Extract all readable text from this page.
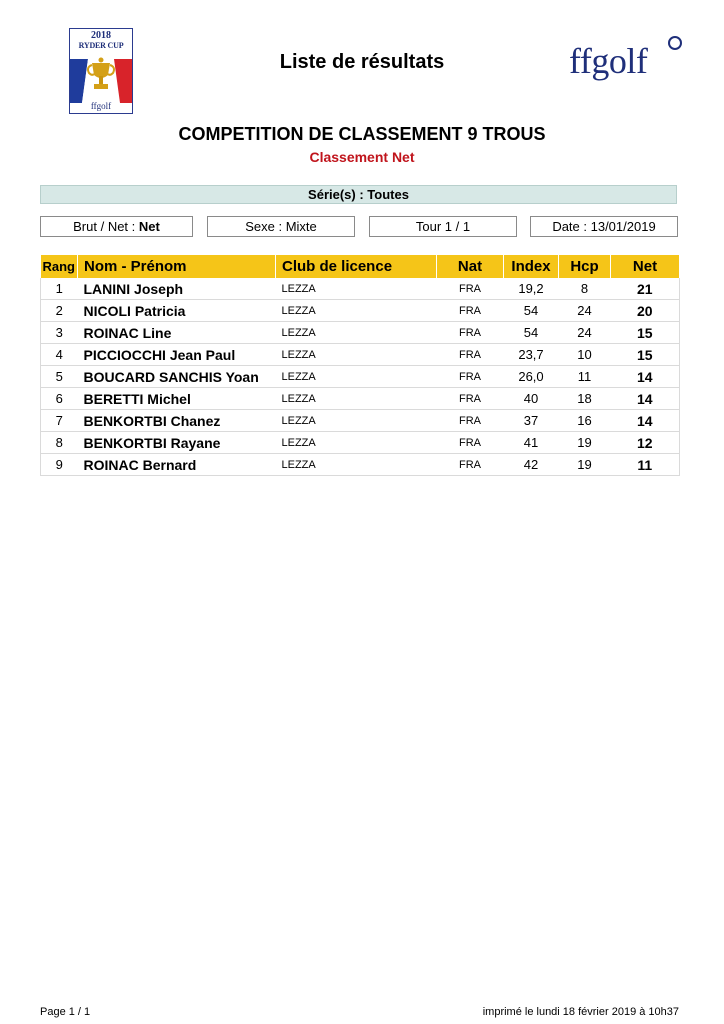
2018
RYDER CUP
ffgolf
Liste de résultats	ffgolf
COMPETITION DE CLASSEMENT 9 TROUS
Classement Net
Série(s) : Toutes
Brut / Net : Net	Sexe : Mixte	Tour 1 / 1	Date : 13/01/2019
Rang	Nom - Prénom	Club de licence	Nat	Index	Hcp	Net
1	LANINI Joseph	LEZZA	FRA	19,2	8	21
2	NICOLI Patricia	LEZZA	FRA	54	24	20
3	ROINAC Line	LEZZA	FRA	54	24	15
4	PICCIOCCHI Jean Paul	LEZZA	FRA	23,7	10	15
5	BOUCARD SANCHIS Yoan	LEZZA	FRA	26,0	11	14
6	BERETTI Michel	LEZZA	FRA	40	18	14
7	BENKORTBI Chanez	LEZZA	FRA	37	16	14
8	BENKORTBI Rayane	LEZZA	FRA	41	19	12
9	ROINAC Bernard	LEZZA	FRA	42	19	11
Page 1 / 1	imprimé le lundi 18 février 2019 à 10h37
